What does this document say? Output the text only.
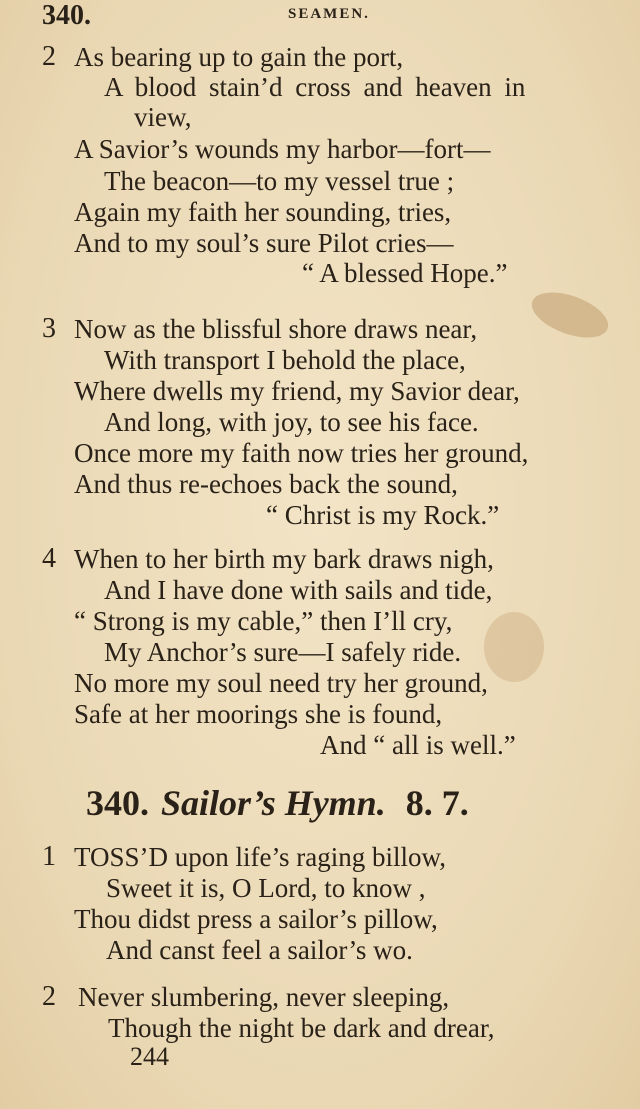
340.	SEAMEN.
2 As bearing up to gain the port,
A blood stain’d cross and heaven in
view,
A Savior’s wounds my harbor—fort—
The beacon—to my vessel true ;
Again my faith her sounding, tries,
And to my soul’s sure Pilot cries—
“ A blessed Hope.”
3 Now as the blissful shore draws near,
With transport I behold the place,
Where dwells my friend, my Savior dear,
And long, with joy, to see his face.
Once more my faith now tries her ground,
And thus re-echoes back the sound,
“ Christ is my Rock.”
4 When to her birth my bark draws nigh,
And I have done with sails and tide,
“ Strong is my cable,” then I’ll cry,
My Anchor’s sure—I safely ride.
No more my soul need try her ground,
Safe at her moorings she is found,
And “ all is well.”
340. Sailor’s Hymn. 8. 7.
1 TOSS’D upon life’s raging billow,
Sweet it is, O Lord, to know ,
Thou didst press a sailor’s pillow,
And canst feel a sailor’s wo.
2 Never slumbering, never sleeping,
Though the night be dark and drear,
244
